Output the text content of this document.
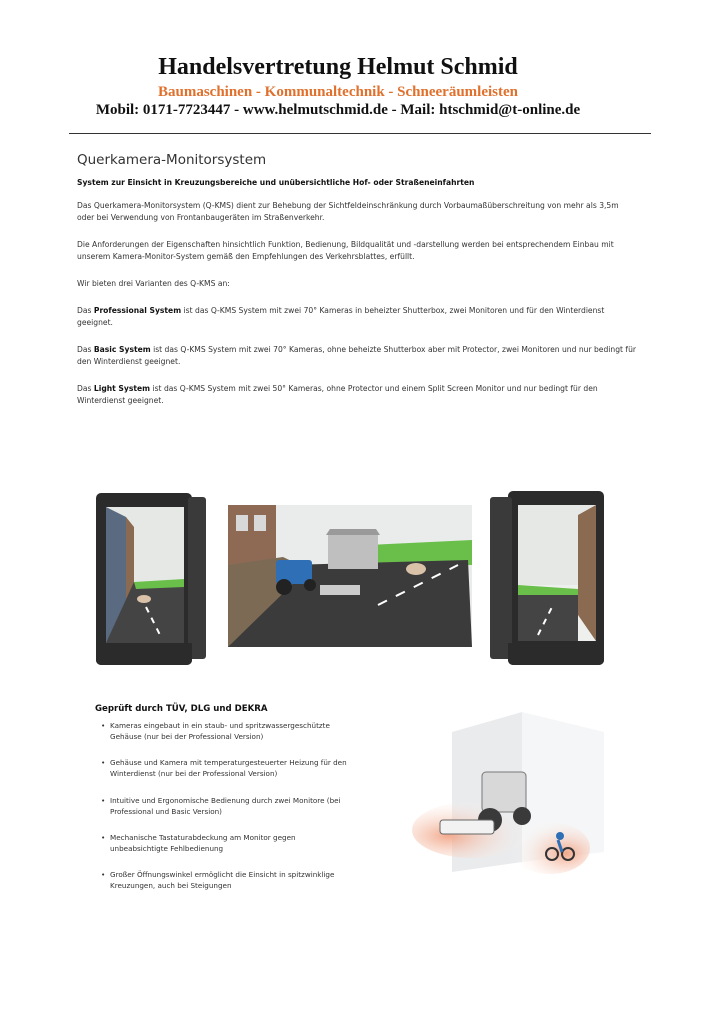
Handelsvertretung Helmut Schmid
Baumaschinen - Kommunaltechnik - Schneeräumleisten
Mobil: 0171-7723447 - www.helmutschmid.de - Mail: htschmid@t-online.de
Querkamera-Monitorsystem
System zur Einsicht in Kreuzungsbereiche und unübersichtliche Hof- oder Straßeneinfahrten
Das Querkamera-Monitorsystem (Q-KMS) dient zur Behebung der Sichtfeldeinschränkung durch Vorbaumaßüberschreitung von mehr als 3,5m oder bei Verwendung von Frontanbaugeräten im Straßenverkehr.
Die Anforderungen der Eigenschaften hinsichtlich Funktion, Bedienung, Bildqualität und -darstellung werden bei entsprechendem Einbau mit unserem Kamera-Monitor-System gemäß den Empfehlungen des Verkehrsblattes, erfüllt.
Wir bieten drei Varianten des Q-KMS an:
Das Professional System ist das Q-KMS System mit zwei 70° Kameras in beheizter Shutterbox, zwei Monitoren und für den Winterdienst geeignet.
Das Basic System ist das Q-KMS System mit zwei 70° Kameras, ohne beheizte Shutterbox aber mit Protector, zwei Monitoren und nur bedingt für den Winterdienst geeignet.
Das Light System ist das Q-KMS System mit zwei 50° Kameras, ohne Protector und einem Split Screen Monitor und nur bedingt für den Winterdienst geeignet.
Geprüft durch TÜV, DLG und DEKRA
• Kameras eingebaut in ein staub- und spritzwassergeschützte Gehäuse (nur bei der Professional Version)
• Gehäuse und Kamera mit temperaturgesteuerter Heizung für den Winterdienst (nur bei der Professional Version)
• Intuitive und Ergonomische Bedienung durch zwei Monitore (bei Professional und Basic Version)
• Mechanische Tastaturabdeckung am Monitor gegen unbeabsichtigte Fehlbedienung
• Großer Öffnungswinkel ermöglicht die Einsicht in spitzwinklige Kreuzungen, auch bei Steigungen
